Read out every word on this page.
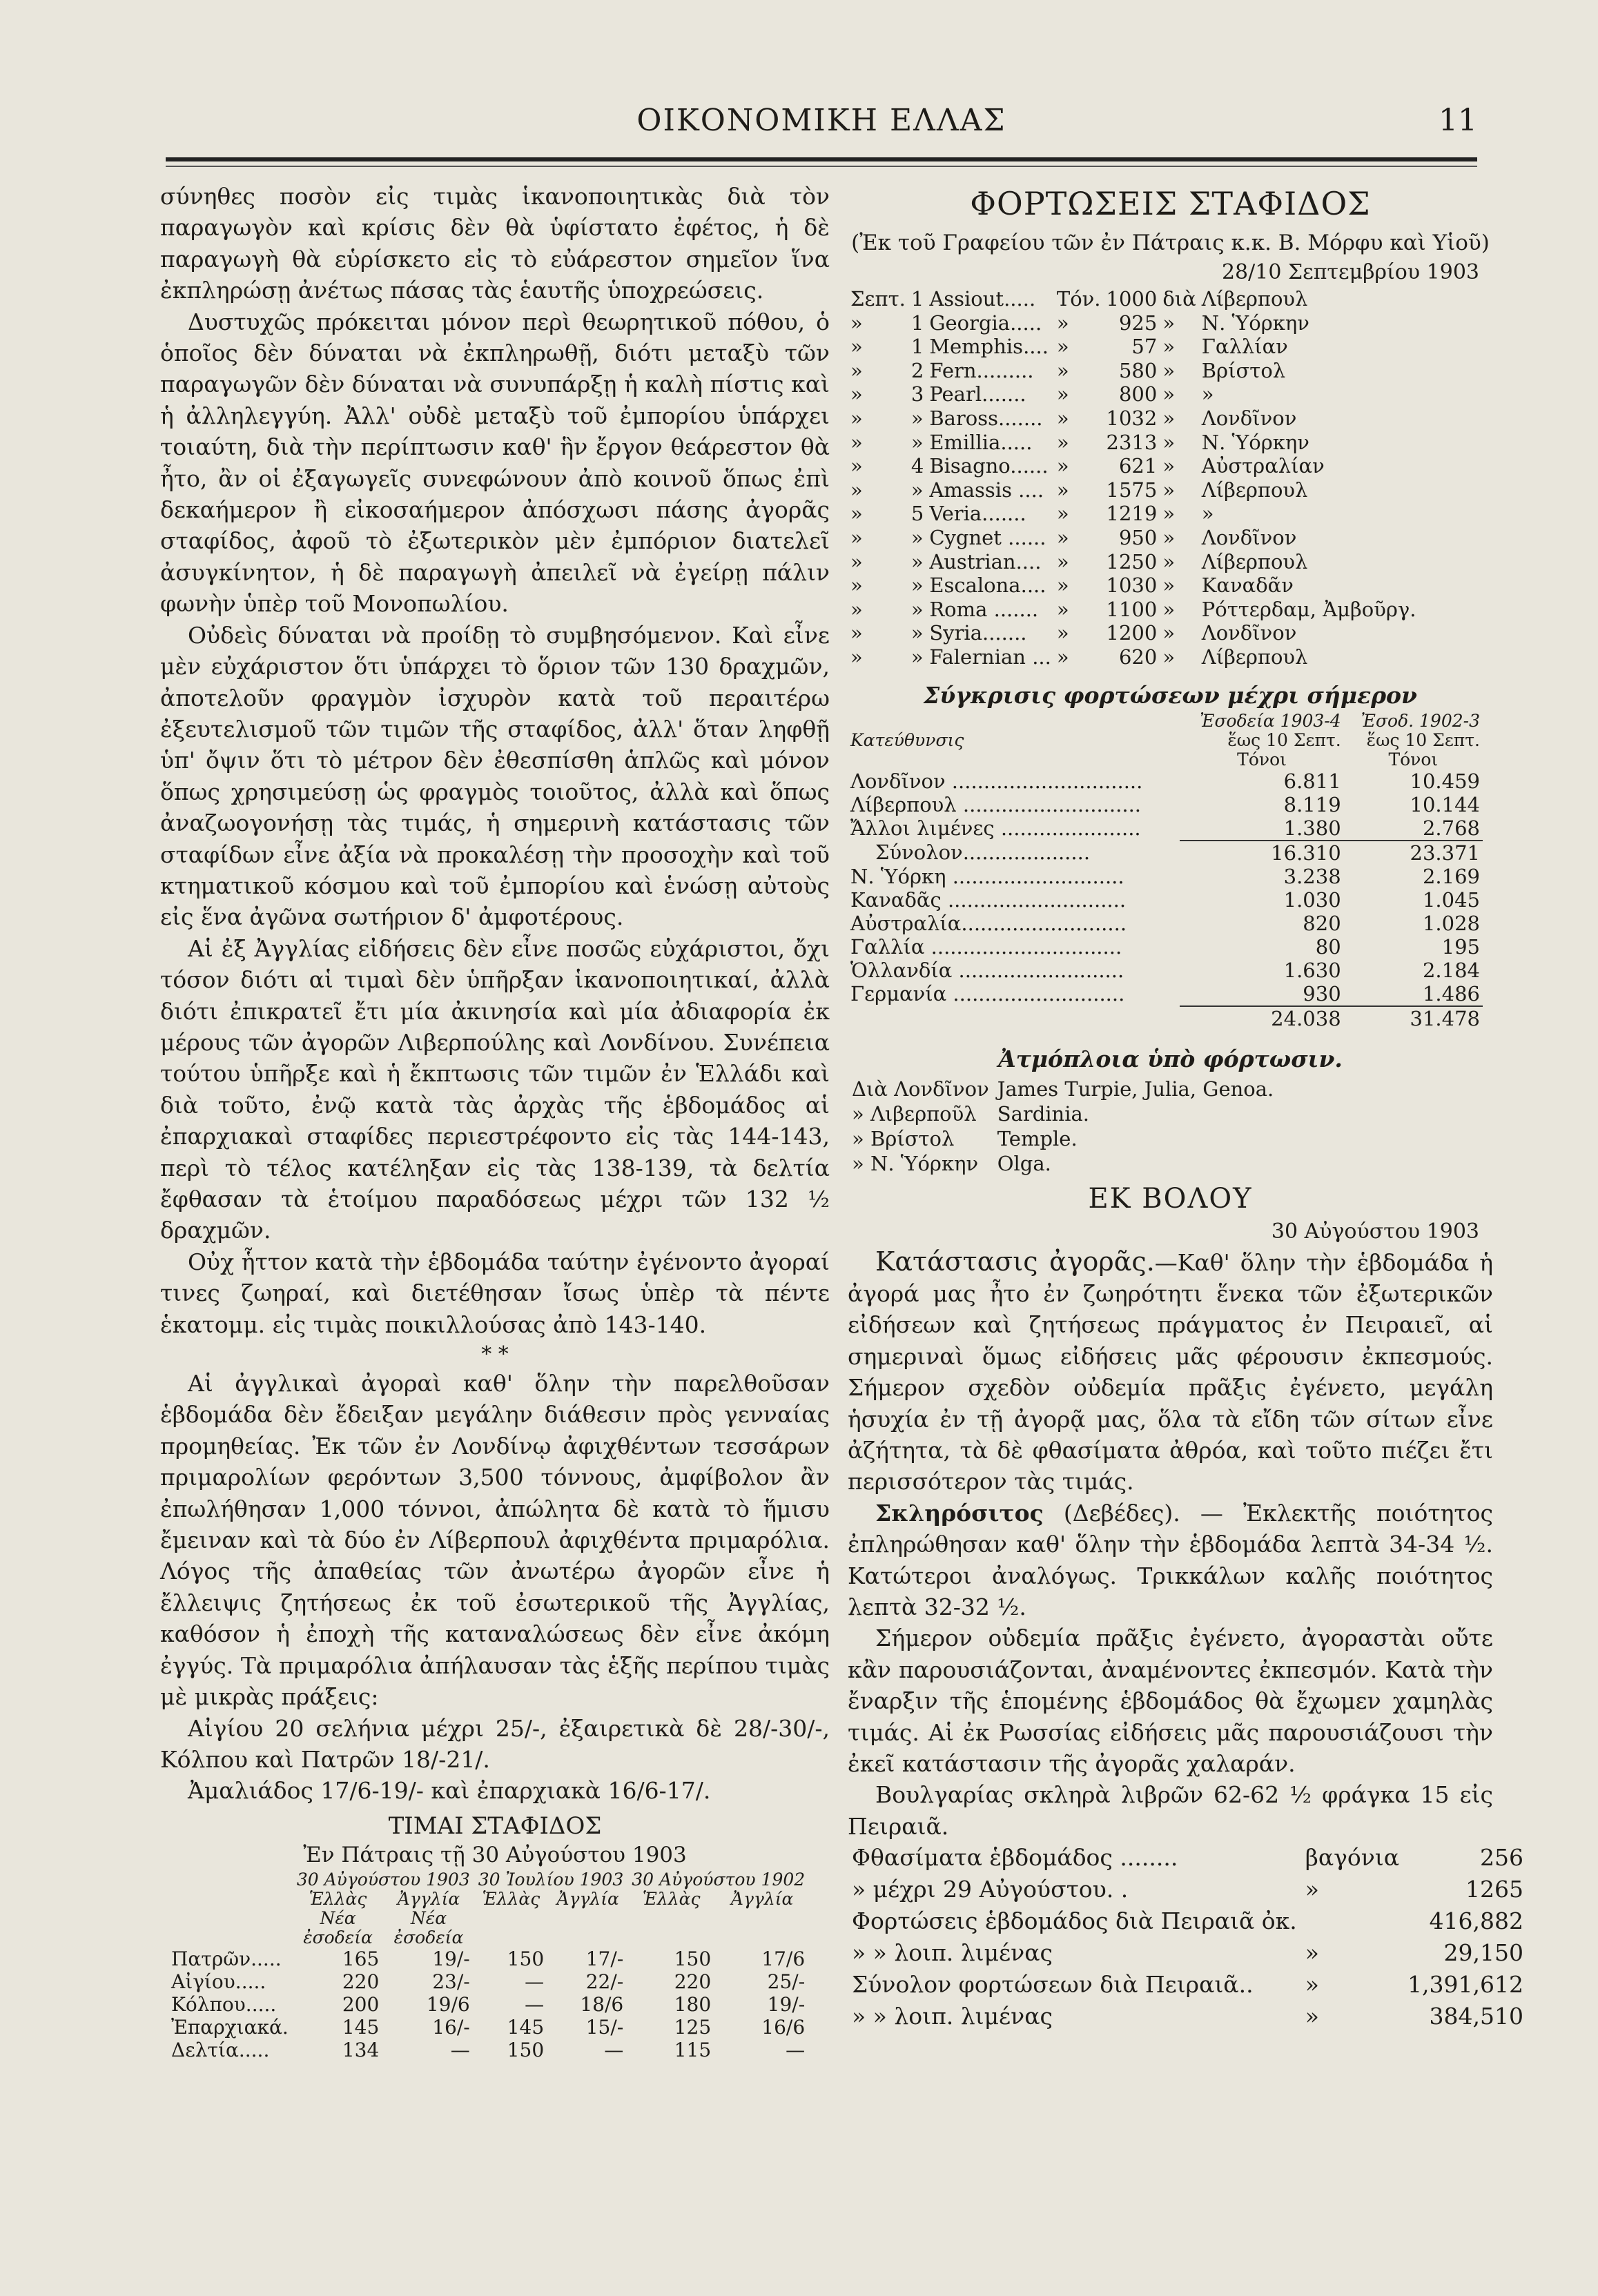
ΟΙΚΟΝΟΜΙΚΗ ΕΛΛΑΣ	11

σύνηθες ποσὸν εἰς τιμὰς ἱκανοποιητικὰς διὰ τὸν παραγωγὸν καὶ κρίσις δὲν θὰ ὑφίστατο ἐφέτος, ἡ δὲ παραγωγὴ θὰ εὑρίσκετο εἰς τὸ εὐάρεστον σημεῖον ἵνα ἐκπληρώσῃ ἀνέτως πάσας τὰς ἑαυτῆς ὑποχρεώσεις.

Δυστυχῶς πρόκειται μόνον περὶ θεωρητικοῦ πόθου, ὁ ὁποῖος δὲν δύναται νὰ ἐκπληρωθῇ, διότι μεταξὺ τῶν παραγωγῶν δὲν δύναται νὰ συνυπάρξῃ ἡ καλὴ πίστις καὶ ἡ ἀλληλεγγύη. Ἀλλ' οὐδὲ μεταξὺ τοῦ ἐμπορίου ὑπάρχει τοιαύτη, διὰ τὴν περίπτωσιν καθ' ἣν ἔργον θεάρεστον θὰ ἦτο, ἂν οἱ ἐξαγωγεῖς συνεφώνουν ἀπὸ κοινοῦ ὅπως ἐπὶ δεκαήμερον ἢ εἰκοσαήμερον ἀπόσχωσι πάσης ἀγορᾶς σταφίδος, ἀφοῦ τὸ ἐξωτερικὸν μὲν ἐμπόριον διατελεῖ ἀσυγκίνητον, ἡ δὲ παραγωγὴ ἀπειλεῖ νὰ ἐγείρῃ πάλιν φωνὴν ὑπὲρ τοῦ Μονοπωλίου.

Οὐδεὶς δύναται νὰ προίδῃ τὸ συμβησόμενον. Καὶ εἶνε μὲν εὐχάριστον ὅτι ὑπάρχει τὸ ὅριον τῶν 130 δραχμῶν, ἀποτελοῦν φραγμὸν ἰσχυρὸν κατὰ τοῦ περαιτέρω ἐξευτελισμοῦ τῶν τιμῶν τῆς σταφίδος, ἀλλ' ὅταν ληφθῇ ὑπ' ὄψιν ὅτι τὸ μέτρον δὲν ἐθεσπίσθη ἁπλῶς καὶ μόνον ὅπως χρησιμεύσῃ ὡς φραγμὸς τοιοῦτος, ἀλλὰ καὶ ὅπως ἀναζωογονήσῃ τὰς τιμάς, ἡ σημερινὴ κατάστασις τῶν σταφίδων εἶνε ἀξία νὰ προκαλέσῃ τὴν προσοχὴν καὶ τοῦ κτηματικοῦ κόσμου καὶ τοῦ ἐμπορίου καὶ ἑνώσῃ αὐτοὺς εἰς ἕνα ἀγῶνα σωτήριον δ' ἀμφοτέρους.

Αἱ ἐξ Ἀγγλίας εἰδήσεις δὲν εἶνε ποσῶς εὐχάριστοι, ὄχι τόσον διότι αἱ τιμαὶ δὲν ὑπῆρξαν ἱκανοποιητικαί, ἀλλὰ διότι ἐπικρατεῖ ἔτι μία ἀκινησία καὶ μία ἀδιαφορία ἐκ μέρους τῶν ἀγορῶν Λιβερπούλης καὶ Λονδίνου. Συνέπεια τούτου ὑπῆρξε καὶ ἡ ἔκπτωσις τῶν τιμῶν ἐν Ἑλλάδι καὶ διὰ τοῦτο, ἐνῷ κατὰ τὰς ἀρχὰς τῆς ἑβδομάδος αἱ ἐπαρχιακαὶ σταφίδες περιεστρέφοντο εἰς τὰς 144-143, περὶ τὸ τέλος κατέληξαν εἰς τὰς 138-139, τὰ δελτία ἔφθασαν τὰ ἑτοίμου παραδόσεως μέχρι τῶν 132 ½ δραχμῶν.

Οὐχ ἧττον κατὰ τὴν ἑβδομάδα ταύτην ἐγένοντο ἀγοραί τινες ζωηραί, καὶ διετέθησαν ἴσως ὑπὲρ τὰ πέντε ἑκατομμ. εἰς τιμὰς ποικιλλούσας ἀπὸ 143-140.

* *

Αἱ ἀγγλικαὶ ἀγοραὶ καθ' ὅλην τὴν παρελθοῦσαν ἑβδομάδα δὲν ἔδειξαν μεγάλην διάθεσιν πρὸς γενναίας προμηθείας. Ἐκ τῶν ἐν Λονδίνῳ ἀφιχθέντων τεσσάρων πριμαρολίων φερόντων 3,500 τόννους, ἀμφίβολον ἂν ἐπωλήθησαν 1,000 τόννοι, ἀπώλητα δὲ κατὰ τὸ ἥμισυ ἔμειναν καὶ τὰ δύο ἐν Λίβερπουλ ἀφιχθέντα πριμαρόλια. Λόγος τῆς ἀπαθείας τῶν ἀνωτέρω ἀγορῶν εἶνε ἡ ἔλλειψις ζητήσεως ἐκ τοῦ ἐσωτερικοῦ τῆς Ἀγγλίας, καθόσον ἡ ἐποχὴ τῆς καταναλώσεως δὲν εἶνε ἀκόμη ἐγγύς. Τὰ πριμαρόλια ἀπήλαυσαν τὰς ἑξῆς περίπου τιμὰς μὲ μικρὰς πράξεις:

Αἰγίου 20 σελήνια μέχρι 25/-, ἐξαιρετικὰ δὲ 28/-30/-, Κόλπου καὶ Πατρῶν 18/-21/.

Ἀμαλιάδος 17/6-19/- καὶ ἐπαρχιακὰ 16/6-17/.

ΤΙΜΑΙ ΣΤΑΦΙΔΟΣ
Ἐν Πάτραις τῇ 30 Αὐγούστου 1903
	30 Αὐγούστου 1903		30 Ἰουλίου 1903		30 Αὐγούστου 1902	
	Ἑλλὰς	Ἀγγλία	Ἑλλὰς	Ἀγγλία	Ἑλλὰς	Ἀγγλία
	Νέα	Νέα				
	ἐσοδεία	ἐσοδεία				
Πατρῶν.....	165	19/-	150	17/-	150	17/6
Αἰγίου.....	220	23/-	—	22/-	220	25/-
Κόλπου.....	200	19/6	—	18/6	180	19/-
Ἐπαρχιακά.	145	16/-	145	15/-	125	16/6
Δελτία.....	134	—	150	—	115	—
ΦΟΡΤΩΣΕΙΣ ΣΤΑΦΙΔΟΣ
(Ἐκ τοῦ Γραφείου τῶν ἐν Πάτραις κ.κ. Β. Μόρφυ καὶ Υἱοῦ)
28/10 Σεπτεμβρίου 1903
Σεπτ.	1	Assiout.....	Τόν.	1000	διὰ	Λίβερπουλ
»	1	Georgia.....	»	925	»	Ν. Ὑόρκην
»	1	Memphis....	»	57	»	Γαλλίαν
»	2	Fern.........	»	580	»	Βρίστολ
»	3	Pearl.......	»	800	»	»
»	»	Baross.......	»	1032	»	Λονδῖνον
»	»	Emillia.....	»	2313	»	Ν. Ὑόρκην
»	4	Bisagno......	»	621	»	Αὐστραλίαν
»	»	Amassis ....	»	1575	»	Λίβερπουλ
»	5	Veria.......	»	1219	»	»
»	»	Cygnet ......	»	950	»	Λονδῖνον
»	»	Austrian....	»	1250	»	Λίβερπουλ
»	»	Escalona....	»	1030	»	Καναδᾶν
»	»	Roma .......	»	1100	»	Ρόττερδαμ, Ἀμβοῦργ.
»	»	Syria.......	»	1200	»	Λονδῖνον
»	»	Falernian ...	»	620	»	Λίβερπουλ
Σύγκρισις φορτώσεων μέχρι σήμερον
	Ἐσοδεία 1903-4	Ἐσοδ. 1902-3
Κατεύθυνσις	ἕως 10 Σεπτ.	ἕως 10 Σεπτ.
	Τόνοι	Τόνοι
Λονδῖνον ..............................	6.811	10.459
Λίβερπουλ ............................	8.119	10.144
Ἄλλοι λιμένες ......................	1.380	2.768
Σύνολον....................	16.310	23.371
Ν. Ὑόρκη ...........................	3.238	2.169
Καναδᾶς ............................	1.030	1.045
Αὐστραλία..........................	820	1.028
Γαλλία ..............................	80	195
Ὁλλανδία ..........................	1.630	2.184
Γερμανία ...........................	930	1.486
	24.038	31.478
Ἀτμόπλοια ὑπὸ φόρτωσιν.
Διὰ Λονδῖνον	James Turpie, Julia, Genoa.
» Λιβερποῦλ	Sardinia.
» Βρίστολ	Temple.
» Ν. Ὑόρκην	Olga.
ΕΚ ΒΟΛΟΥ
30 Αὐγούστου 1903

Κατάστασις ἀγορᾶς.—Καθ' ὅλην τὴν ἑβδομάδα ἡ ἀγορά μας ἦτο ἐν ζωηρότητι ἕνεκα τῶν ἐξωτερικῶν εἰδήσεων καὶ ζητήσεως πράγματος ἐν Πειραιεῖ, αἱ σημεριναὶ ὅμως εἰδήσεις μᾶς φέρουσιν ἐκπεσμούς. Σήμερον σχεδὸν οὐδεμία πρᾶξις ἐγένετο, μεγάλη ἡσυχία ἐν τῇ ἀγορᾷ μας, ὅλα τὰ εἴδη τῶν σίτων εἶνε ἀζήτητα, τὰ δὲ φθασίματα ἀθρόα, καὶ τοῦτο πιέζει ἔτι περισσότερον τὰς τιμάς.

Σκληρόσιτος (Δεβέδες). — Ἐκλεκτῆς ποιότητος ἐπληρώθησαν καθ' ὅλην τὴν ἑβδομάδα λεπτὰ 34-34 ½. Κατώτεροι ἀναλόγως. Τρικκάλων καλῆς ποιότητος λεπτὰ 32-32 ½.

Σήμερον οὐδεμία πρᾶξις ἐγένετο, ἀγοραστὰι οὔτε κἂν παρουσιάζονται, ἀναμένοντες ἐκπεσμόν. Κατὰ τὴν ἔναρξιν τῆς ἑπομένης ἑβδομάδος θὰ ἔχωμεν χαμηλὰς τιμάς. Αἱ ἐκ Ρωσσίας εἰδήσεις μᾶς παρουσιάζουσι τὴν ἐκεῖ κατάστασιν τῆς ἀγορᾶς χαλαράν.

Βουλγαρίας σκληρὰ λιβρῶν 62-62 ½ φράγκα 15 εἰς Πειραιᾶ.

Φθασίματα ἑβδομάδος ........	βαγόνια	256
» μέχρι 29 Αὐγούστου. .	»	1265
Φορτώσεις ἑβδομάδος διὰ Πειραιᾶ ὀκ.		416,882
» » λοιπ. λιμένας	»	29,150
Σύνολον φορτώσεων διὰ Πειραιᾶ..	»	1,391,612
» » λοιπ. λιμένας	»	384,510
